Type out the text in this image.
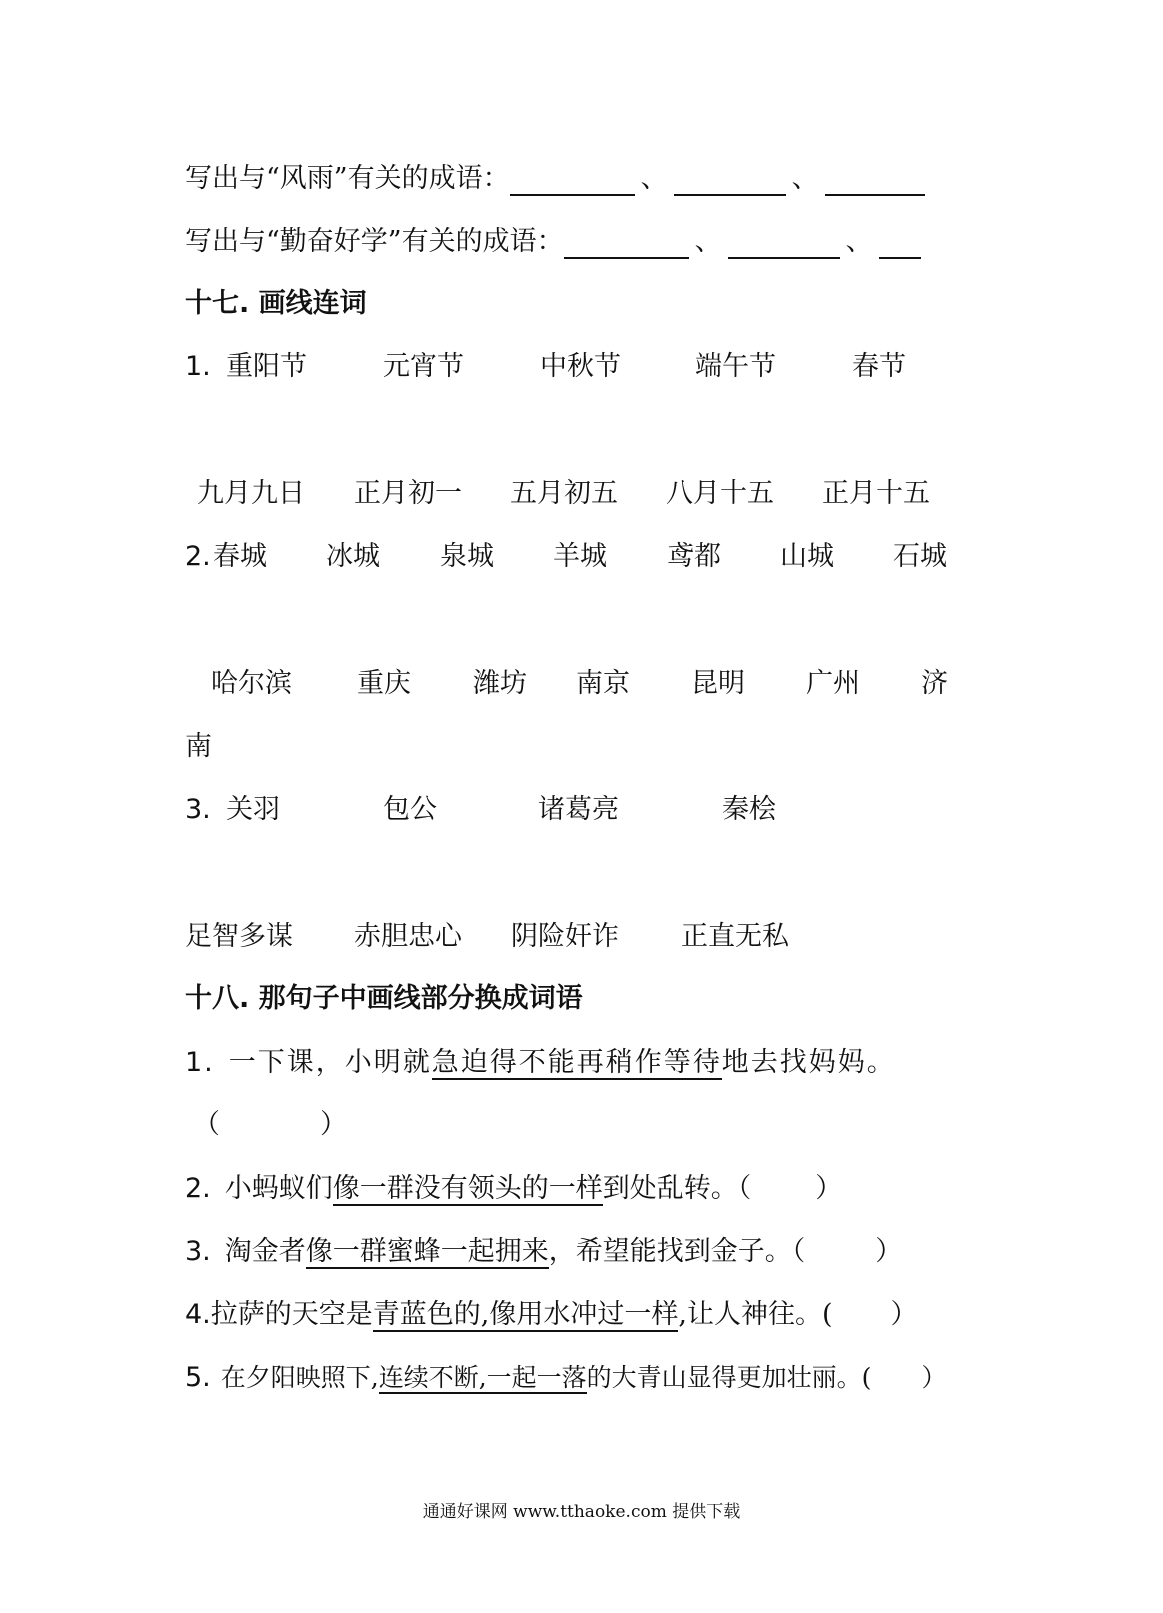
写出与“风雨”有关的成语：	、	、
写出与“勤奋好学”有关的成语：	、	、
十七. 画线连词
1. 重阳节	元宵节	中秋节	端午节	春节
九月九日 正月初一 五月初五 八月十五 正月十五
2. 春城 冰城 泉城 羊城 鸢都 山城 石城
哈尔滨 重庆 潍坊 南京 昆明 广州 济
南
3. 关羽	包公	诸葛亮	秦桧
足智多谋 赤胆忠心 阴险奸诈 正直无私
十八. 那句子中画线部分换成词语
1. 一下课，小明就急迫得不能再稍作等待地去找妈妈。
（	）
2. 小蚂蚁们像一群没有领头的一样到处乱转。（ ）
3. 淘金者像一群蜜蜂一起拥来，希望能找到金子。（	）
4.拉萨的天空是青蓝色的,像用水冲过一样,让人神往。( ）
5. 在夕阳映照下,连续不断,一起一落的大青山显得更加壮丽。( ）
通通好课网 www.tthaoke.com 提供下载
